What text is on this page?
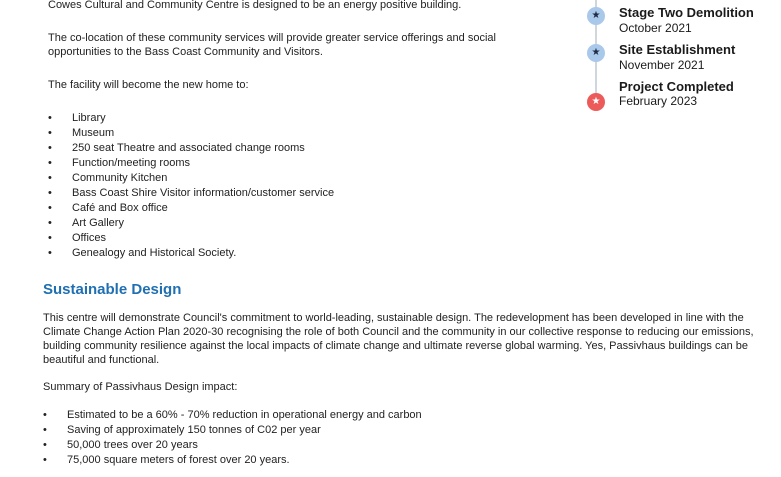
Cowes Cultural and Community Centre is designed to be an energy positive building.

The co-location of these community services will provide greater service offerings and social opportunities to the Bass Coast Community and Visitors.

The facility will become the new home to:

• Library
• Museum
• 250 seat Theatre and associated change rooms
• Function/meeting rooms
• Community Kitchen
• Bass Coast Shire Visitor information/customer service
• Café and Box office
• Art Gallery
• Offices
• Genealogy and Historical Society.
Sustainable Design

This centre will demonstrate Council's commitment to world-leading, sustainable design. The redevelopment has been developed in line with the Climate Change Action Plan 2020-30 recognising the role of both Council and the community in our collective response to reducing our emissions, building community resilience against the local impacts of climate change and ultimate reverse global warming. Yes, Passivhaus buildings can be beautiful and functional.

Summary of Passivhaus Design impact:

• Estimated to be a 60% - 70% reduction in operational energy and carbon
• Saving of approximately 150 tonnes of C02 per year
• 50,000 trees over 20 years
• 75,000 square meters of forest over 20 years.
★	Stage Two Demolition
October 2021
★	Site Establishment
November 2021
★
Project Completed
February 2023
